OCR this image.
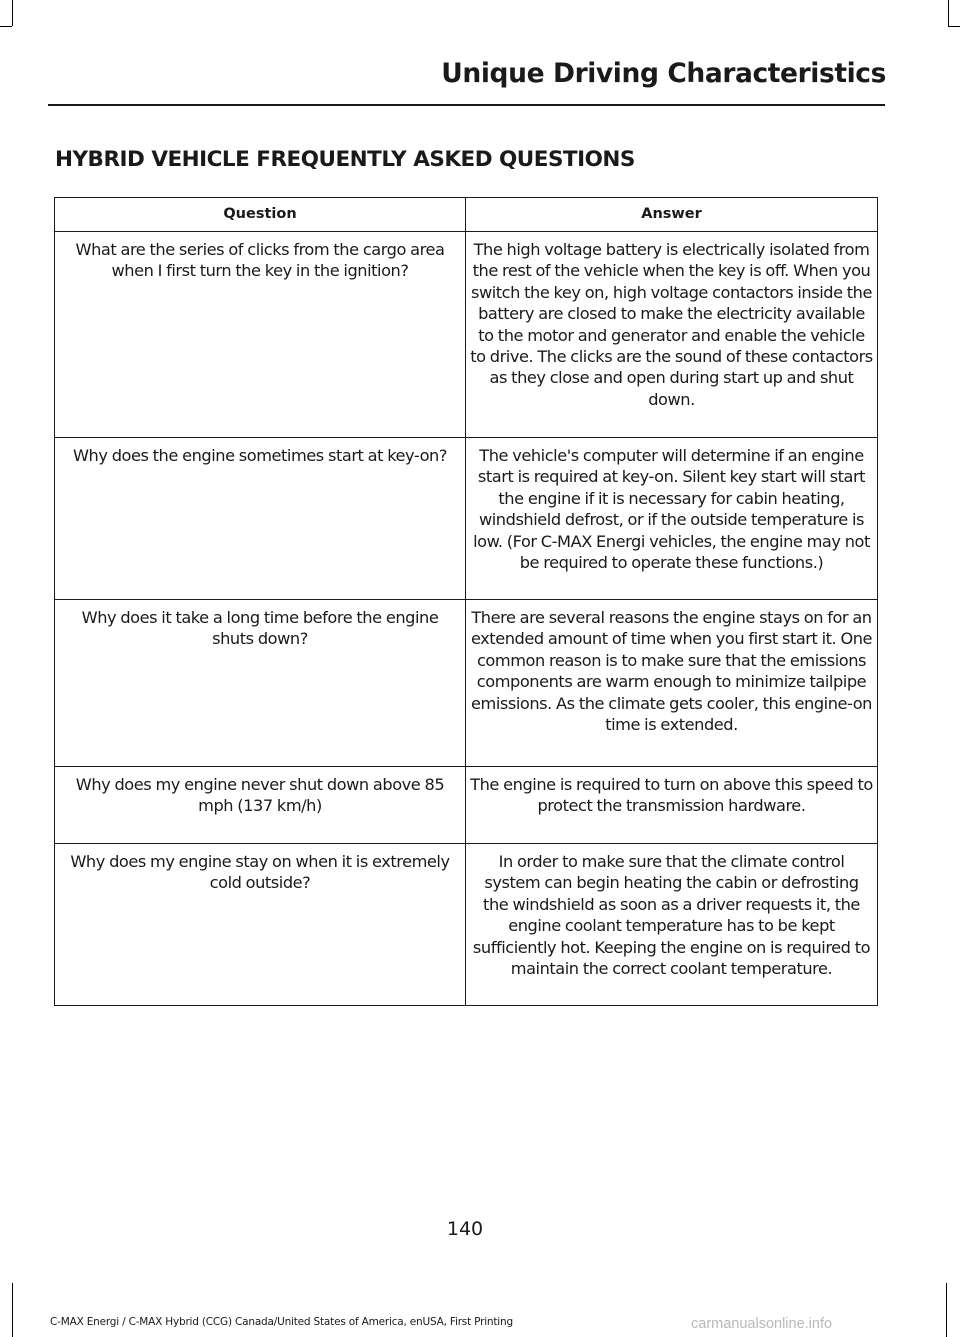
Unique Driving Characteristics
HYBRID VEHICLE FREQUENTLY ASKED QUESTIONS
Question	Answer
What are the series of clicks from the cargo area when I first turn the key in the ignition?	The high voltage battery is electrically isolated from the rest of the vehicle when the key is off. When you switch the key on, high voltage contactors inside the battery are closed to make the electricity available to the motor and generator and enable the vehicle to drive. The clicks are the sound of these contactors as they close and open during start up and shut down.
Why does the engine sometimes start at key-on?	The vehicle's computer will determine if an engine start is required at key-on. Silent key start will start the engine if it is necessary for cabin heating, windshield defrost, or if the outside temperature is low. (For C-MAX Energi vehicles, the engine may not be required to operate these functions.)
Why does it take a long time before the engine shuts down?	There are several reasons the engine stays on for an extended amount of time when you first start it. One common reason is to make sure that the emissions components are warm enough to minimize tailpipe emissions. As the climate gets cooler, this engine-on time is extended.
Why does my engine never shut down above 85 mph (137 km/h)	The engine is required to turn on above this speed to protect the transmission hardware.
Why does my engine stay on when it is extremely cold outside?	In order to make sure that the climate control system can begin heating the cabin or defrosting the windshield as soon as a driver requests it, the engine coolant temperature has to be kept sufficiently hot. Keeping the engine on is required to maintain the correct coolant temperature.
140
C-MAX Energi / C-MAX Hybrid (CCG) Canada/United States of America, enUSA, First Printing	carmanualsonline.info
